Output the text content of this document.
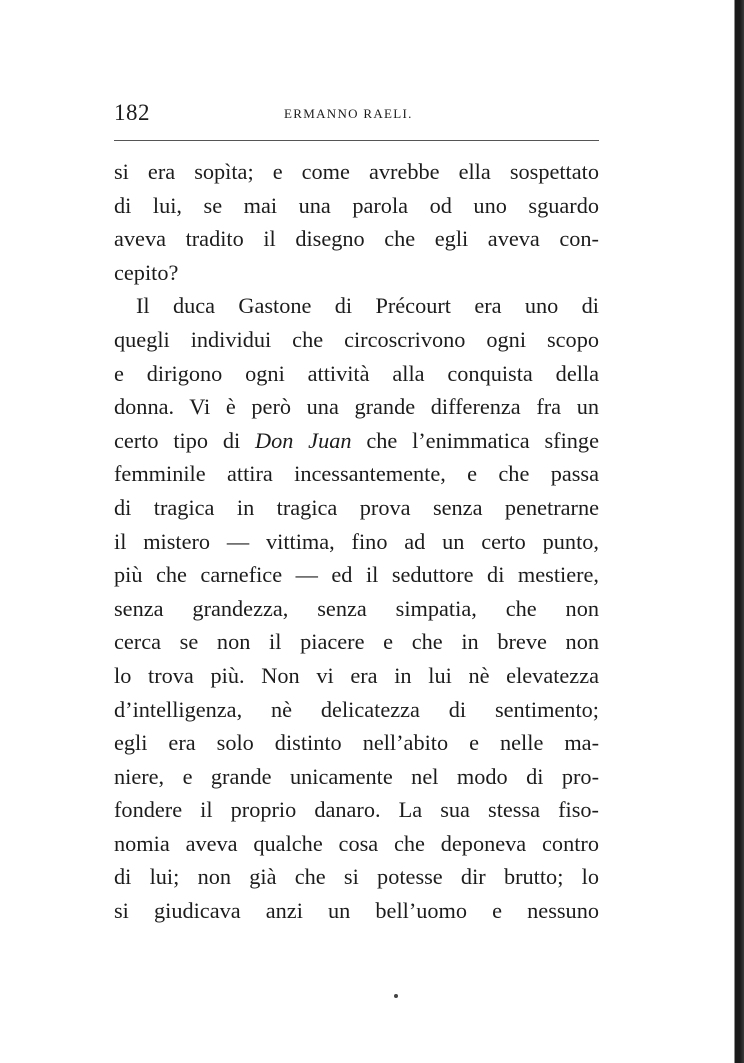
182	ERMANNO RAELI.
si era sopìta; e come avrebbe ella sospettato
di lui, se mai una parola od uno sguardo
aveva tradito il disegno che egli aveva con-
cepito?
Il duca Gastone di Précourt era uno di
quegli individui che circoscrivono ogni scopo
e dirigono ogni attività alla conquista della
donna. Vi è però una grande differenza fra un
certo tipo di Don Juan che l’enimmatica sfinge
femminile attira incessantemente, e che passa
di tragica in tragica prova senza penetrarne
il mistero — vittima, fino ad un certo punto,
più che carnefice — ed il seduttore di mestiere,
senza grandezza, senza simpatia, che non
cerca se non il piacere e che in breve non
lo trova più. Non vi era in lui nè elevatezza
d’intelligenza, nè delicatezza di sentimento;
egli era solo distinto nell’abito e nelle ma-
niere, e grande unicamente nel modo di pro-
fondere il proprio danaro. La sua stessa fiso-
nomia aveva qualche cosa che deponeva contro
di lui; non già che si potesse dir brutto; lo
si giudicava anzi un bell’uomo e nessuno
